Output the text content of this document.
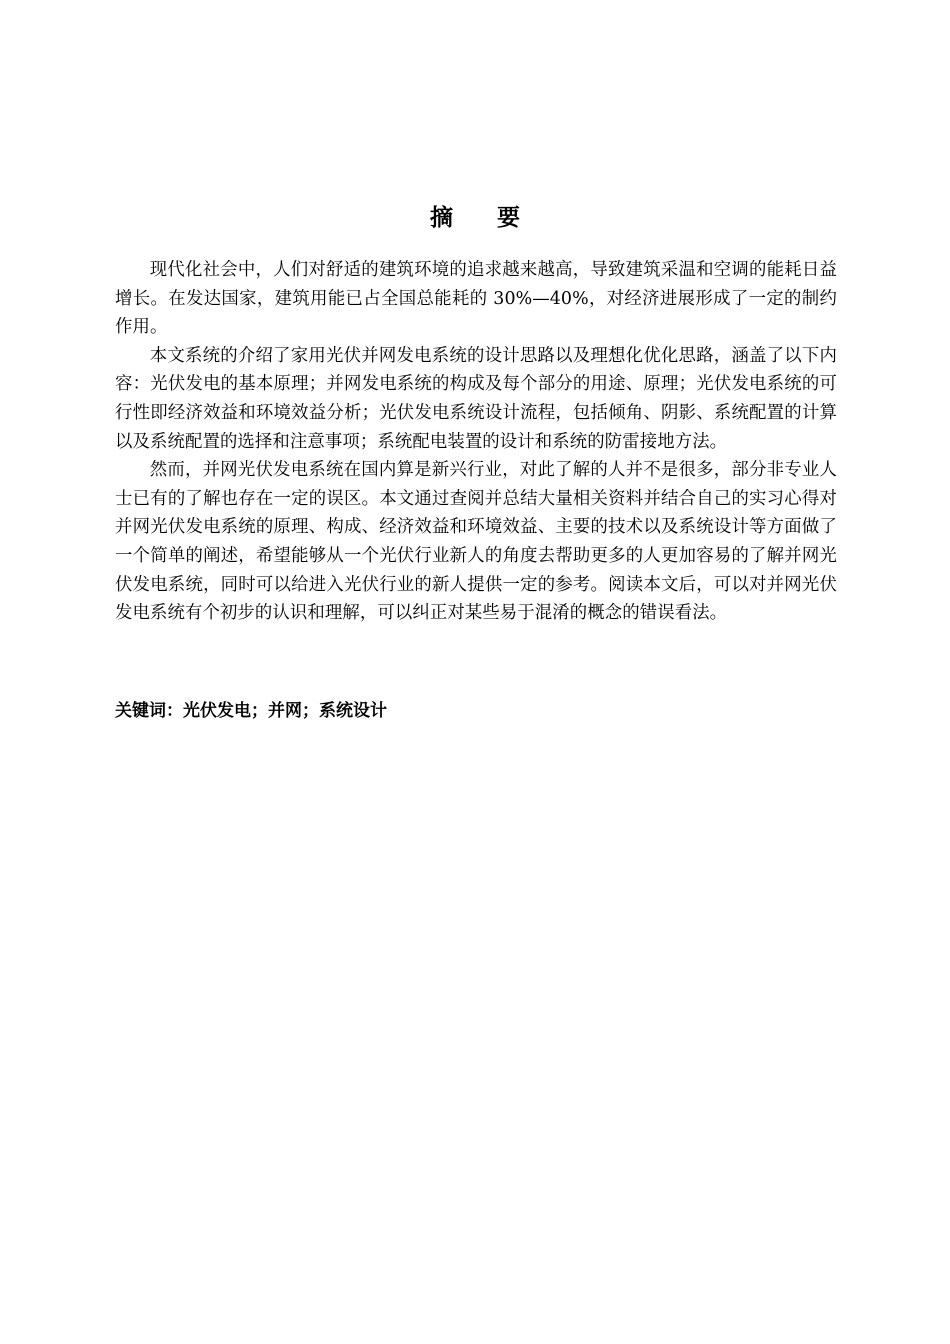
摘 要

现代化社会中，人们对舒适的建筑环境的追求越来越高，导致建筑采温和空调的能耗日益增长。在发达国家，建筑用能已占全国总能耗的 30%—40%，对经济进展形成了一定的制约作用。

本文系统的介绍了家用光伏并网发电系统的设计思路以及理想化优化思路，涵盖了以下内容：光伏发电的基本原理；并网发电系统的构成及每个部分的用途、原理；光伏发电系统的可行性即经济效益和环境效益分析；光伏发电系统设计流程，包括倾角、阴影、系统配置的计算以及系统配置的选择和注意事项；系统配电装置的设计和系统的防雷接地方法。

然而，并网光伏发电系统在国内算是新兴行业，对此了解的人并不是很多，部分非专业人士已有的了解也存在一定的误区。本文通过查阅并总结大量相关资料并结合自己的实习心得对并网光伏发电系统的原理、构成、经济效益和环境效益、主要的技术以及系统设计等方面做了一个简单的阐述，希望能够从一个光伏行业新人的角度去帮助更多的人更加容易的了解并网光伏发电系统，同时可以给进入光伏行业的新人提供一定的参考。阅读本文后，可以对并网光伏发电系统有个初步的认识和理解，可以纠正对某些易于混淆的概念的错误看法。

关键词：光伏发电；并网；系统设计
